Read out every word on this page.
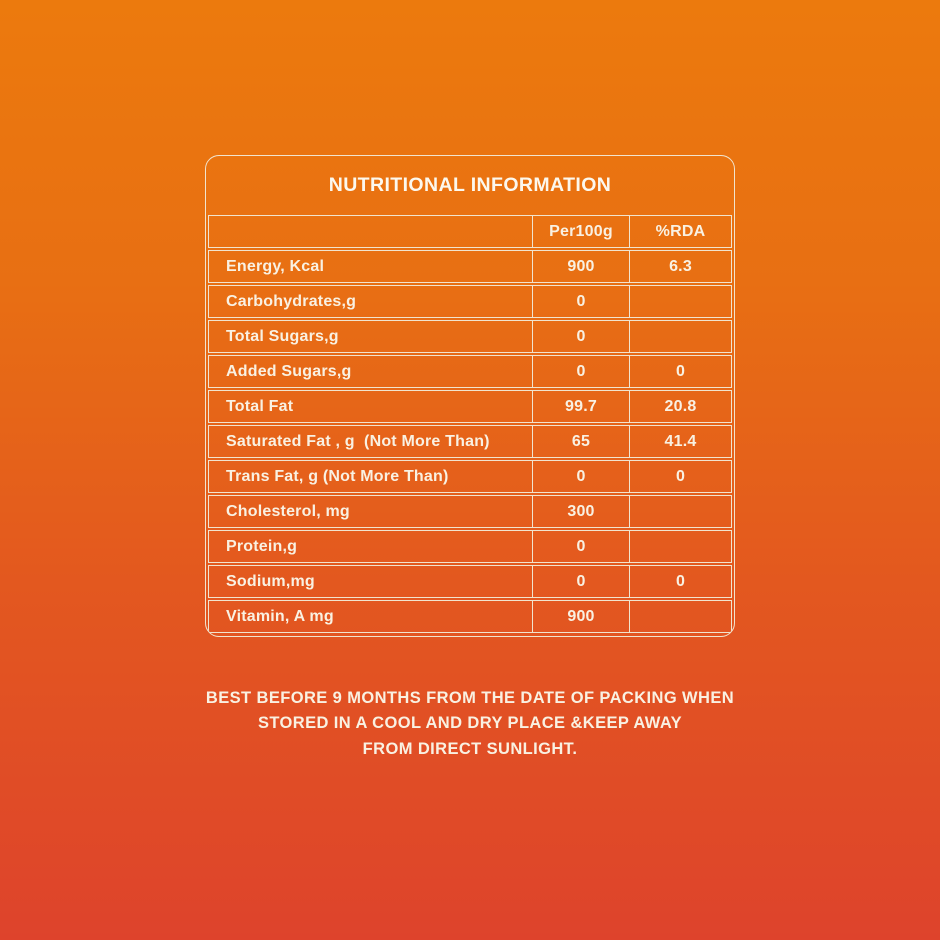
NUTRITIONAL INFORMATION
Per100g	%RDA
Energy, Kcal	900	6.3
Carbohydrates,g	0
Total Sugars,g	0
Added Sugars,g	0	0
Total Fat	99.7	20.8
Saturated Fat , g  (Not More Than)	65	41.4
Trans Fat, g (Not More Than)	0	0
Cholesterol, mg	300
Protein,g	0
Sodium,mg	0	0
Vitamin, A mg	900
BEST BEFORE 9 MONTHS FROM THE DATE OF PACKING WHEN
STORED IN A COOL AND DRY PLACE &KEEP AWAY
FROM DIRECT SUNLIGHT.
